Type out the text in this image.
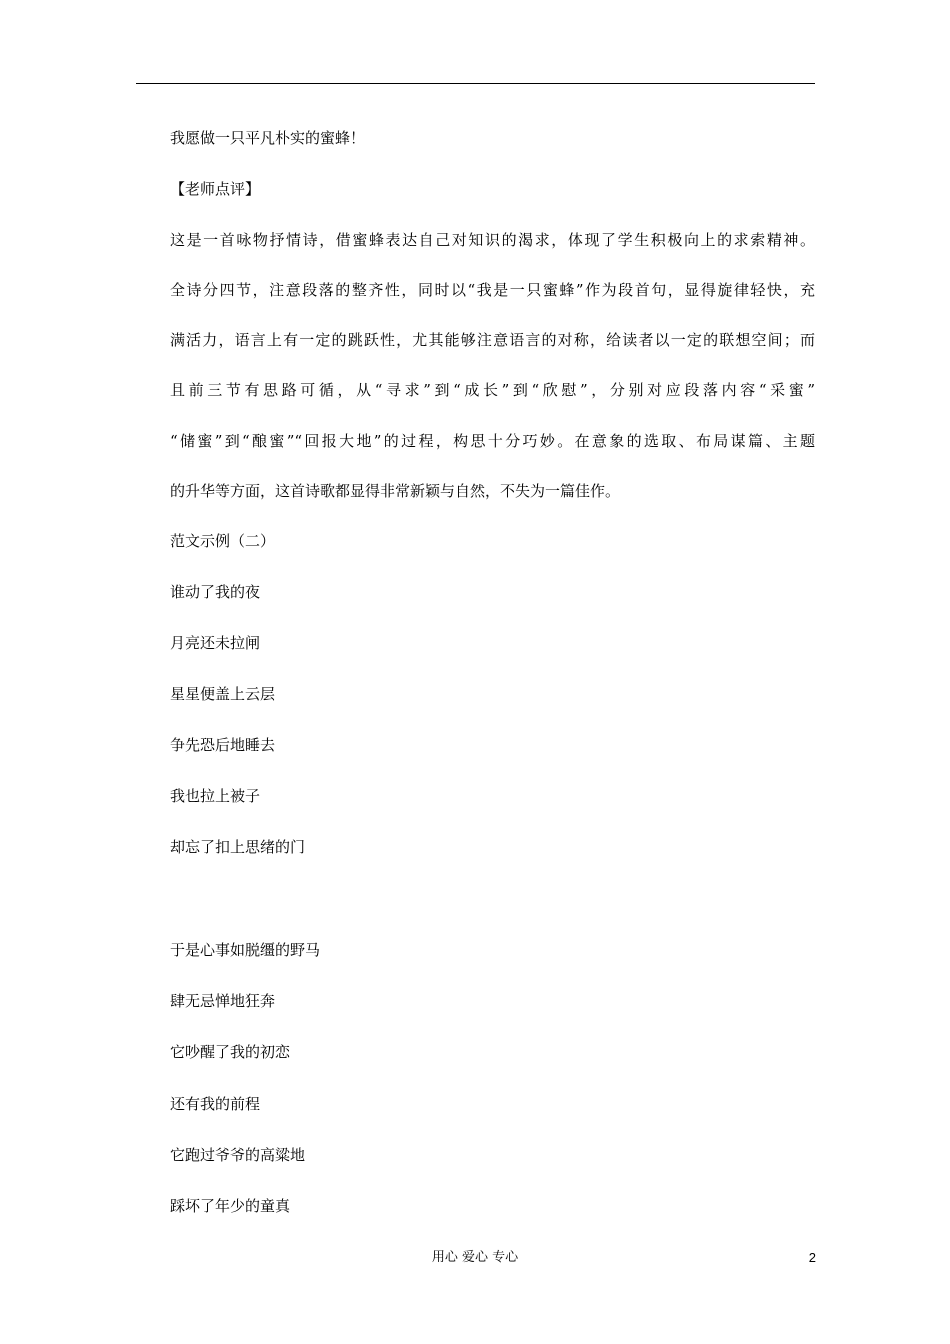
我愿做一只平凡朴实的蜜蜂！
【老师点评】
这是一首咏物抒情诗，借蜜蜂表达自己对知识的渴求，体现了学生积极向上的求索精神。
全诗分四节，注意段落的整齐性，同时以“我是一只蜜蜂”作为段首句，显得旋律轻快，充
满活力，语言上有一定的跳跃性，尤其能够注意语言的对称，给读者以一定的联想空间；而
且前三节有思路可循，从“寻求”到“成长”到“欣慰”，分别对应段落内容“采蜜”
“储蜜”到“酿蜜”“回报大地”的过程，构思十分巧妙。在意象的选取、布局谋篇、主题
的升华等方面，这首诗歌都显得非常新颖与自然，不失为一篇佳作。
范文示例（二）
谁动了我的夜
月亮还未拉闸
星星便盖上云层
争先恐后地睡去
我也拉上被子
却忘了扣上思绪的门
于是心事如脱缰的野马
肆无忌惮地狂奔
它吵醒了我的初恋
还有我的前程
它跑过爷爷的高粱地
踩坏了年少的童真
用心 爱心 专心	2
